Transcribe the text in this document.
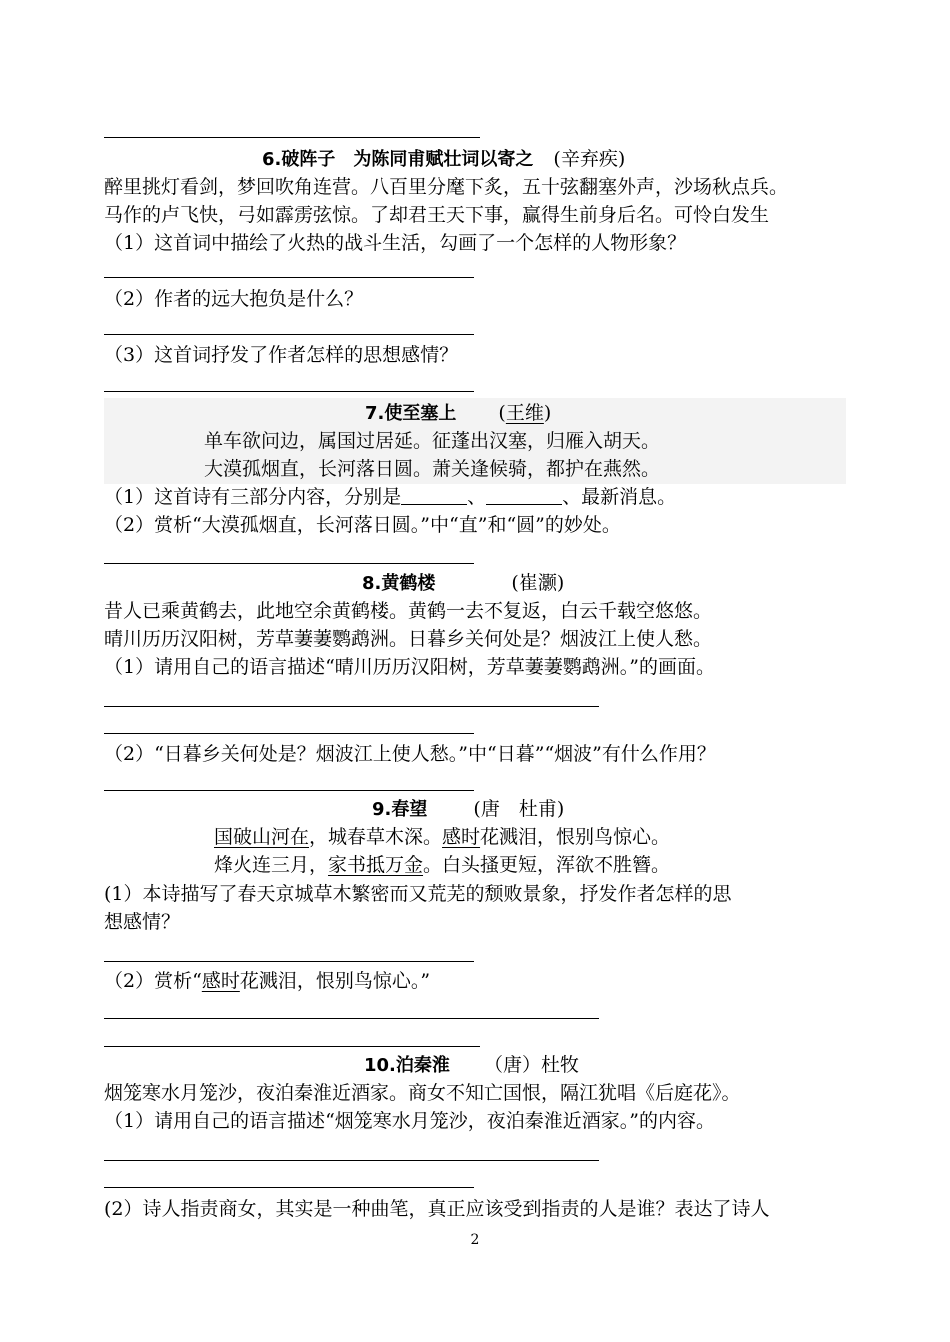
6.破阵子　为陈同甫赋壮词以寄之 (辛弃疾)
醉里挑灯看剑，梦回吹角连营。八百里分麾下炙，五十弦翻塞外声，沙场秋点兵。
马作的卢飞快，弓如霹雳弦惊。了却君王天下事，赢得生前身后名。可怜白发生
（1）这首词中描绘了火热的战斗生活，勾画了一个怎样的人物形象？
（2）作者的远大抱负是什么？
（3）这首词抒发了作者怎样的思想感情？
7.使至塞上 (王维)
单车欲问边，属国过居延。征蓬出汉塞，归雁入胡天。
大漠孤烟直，长河落日圆。萧关逢候骑，都护在燕然。
（1）这首诗有三部分内容，分别是	、	、最新消息。
（2）赏析“大漠孤烟直，长河落日圆。”中“直”和“圆”的妙处。
8.黄鹤楼	(崔灏)
昔人已乘黄鹤去，此地空余黄鹤楼。黄鹤一去不复返，白云千载空悠悠。
晴川历历汉阳树，芳草萋萋鹦鹉洲。日暮乡关何处是？烟波江上使人愁。
（1）请用自己的语言描述“晴川历历汉阳树，芳草萋萋鹦鹉洲。”的画面。
（2）“日暮乡关何处是？烟波江上使人愁。”中“日暮”“烟波”有什么作用？
9.春望 (唐　杜甫)
国破山河在，城春草木深。感时花溅泪，恨别鸟惊心。
烽火连三月，家书抵万金。白头搔更短，浑欲不胜簪。
(1）本诗描写了春天京城草木繁密而又荒芜的颓败景象，抒发作者怎样的思
想感情？
（2）赏析“感时花溅泪，恨别鸟惊心。”
10.泊秦淮 （唐）杜牧
烟笼寒水月笼沙，夜泊秦淮近酒家。商女不知亡国恨，隔江犹唱《后庭花》。
（1）请用自己的语言描述“烟笼寒水月笼沙，夜泊秦淮近酒家。”的内容。
(2）诗人指责商女，其实是一种曲笔，真正应该受到指责的人是谁？表达了诗人
2
